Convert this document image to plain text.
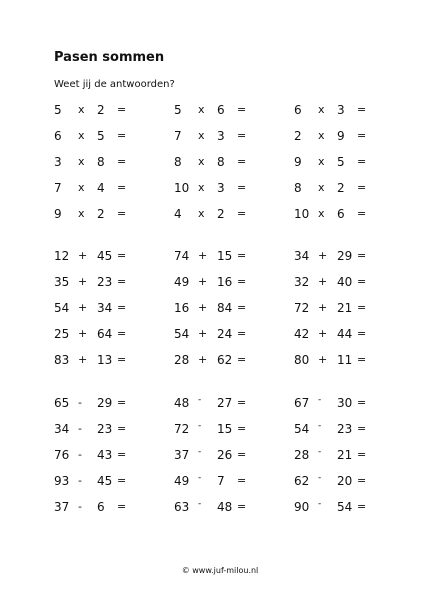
Pasen sommen
Weet jij de antwoorden?
5 x 2 =	5 x 6 =	6 x 3 =
6 x 5 =	7 x 3 =	2 x 9 =
3 x 8 =	8 x 8 =	9 x 5 =
7 x 4 =	10 x 3 =	8 x 2 =
9 x 2 =	4 x 2 =	10 x 6 =
12 + 45 =	74 + 15 =	34 + 29 =
35 + 23 =	49 + 16 =	32 + 40 =
54 + 34 =	16 + 84 =	72 + 21 =
25 + 64 =	54 + 24 =	42 + 44 =
83 + 13 =	28 + 62 =	80 + 11 =
65 - 29 =	48 - 27 =	67 - 30 =
34 - 23 =	72 - 15 =	54 - 23 =
76 - 43 =	37 - 26 =	28 - 21 =
93 - 45 =	49 - 7 =	62 - 20 =
37 - 6 =	63 - 48 =	90 - 54 =
© www.juf-milou.nl
